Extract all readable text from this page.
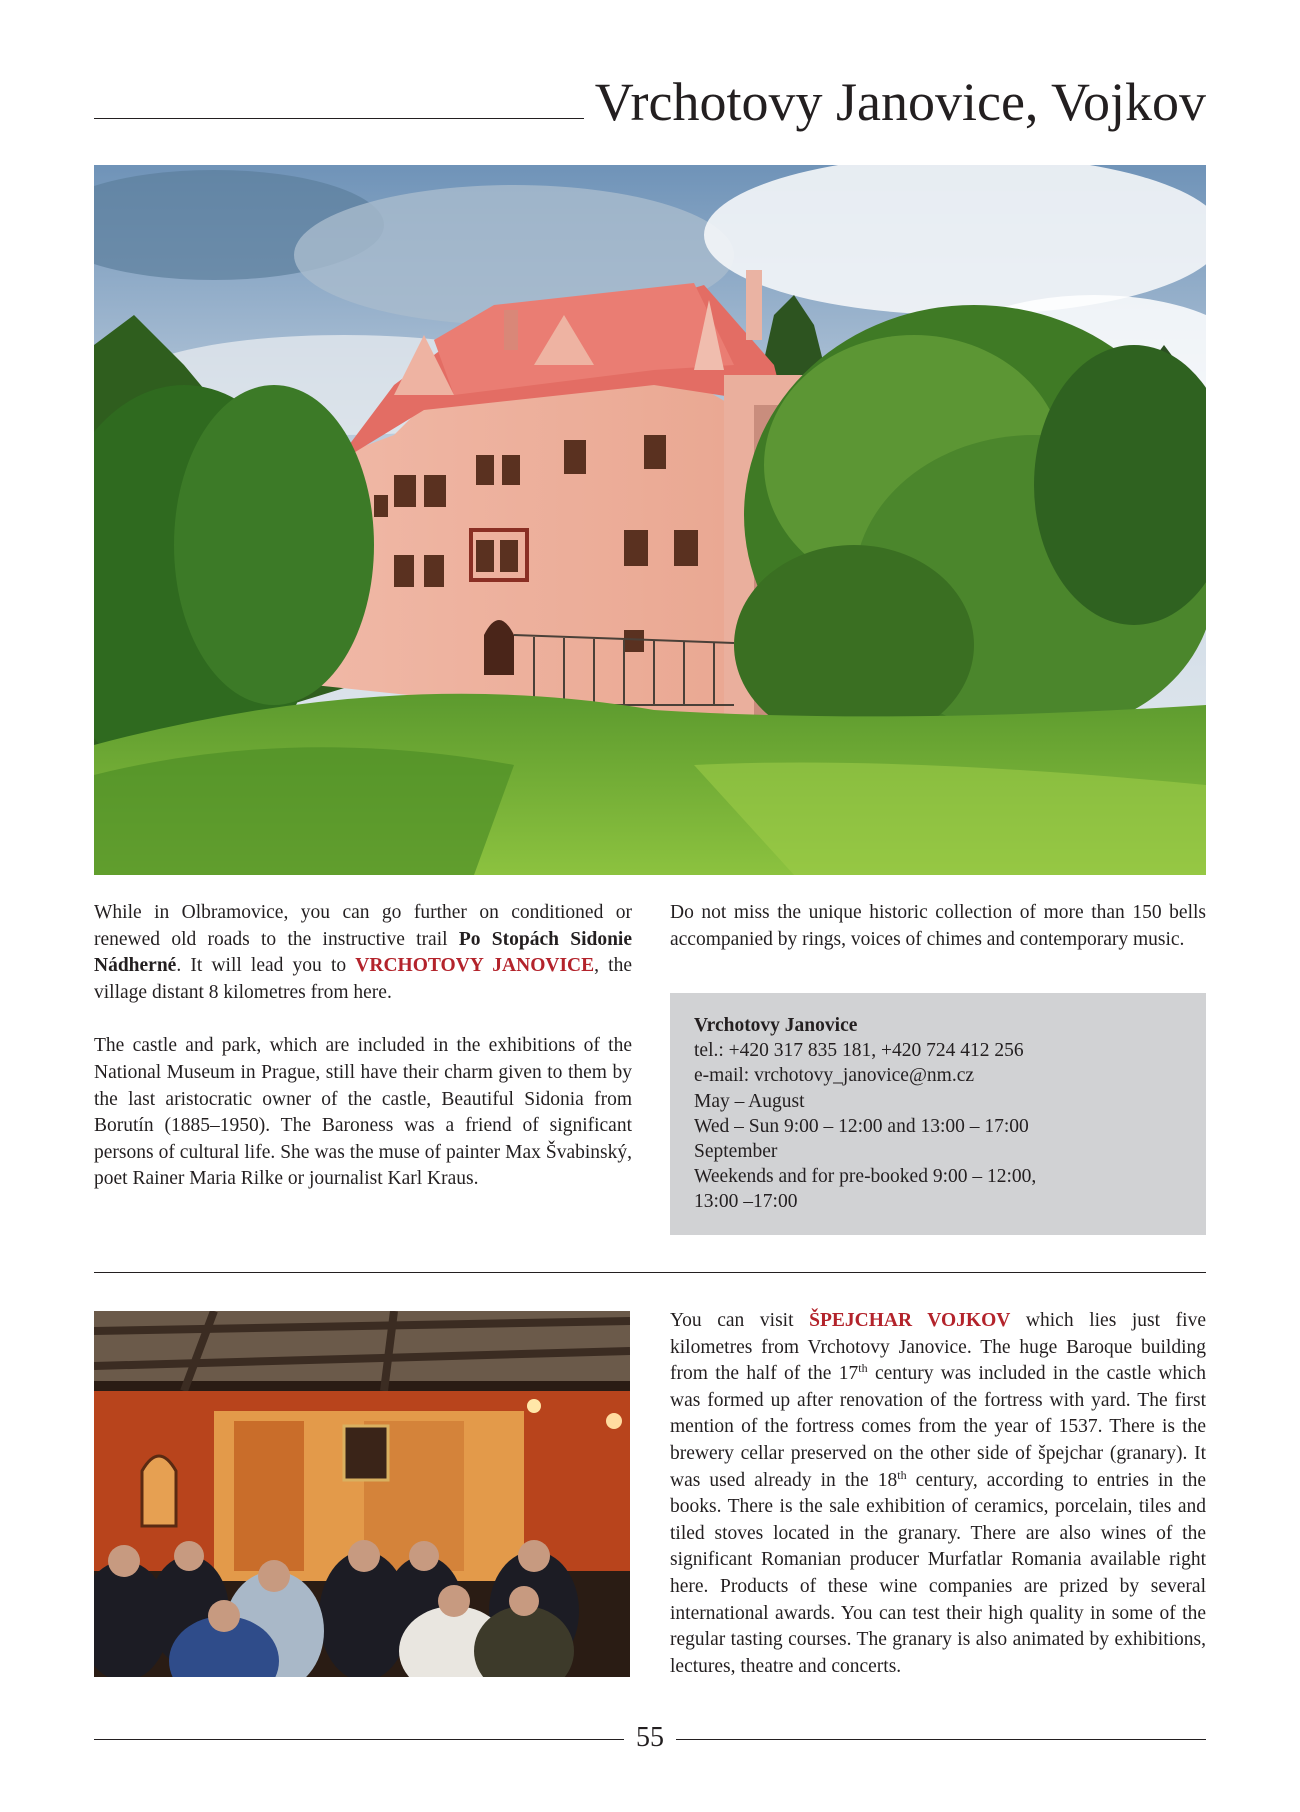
Vrchotovy Janovice, Vojkov

While in Olbramovice, you can go further on conditioned or renewed old roads to the instructive trail Po Stopách Sidonie Nádherné. It will lead you to VRCHOTOVY JANOVICE, the village distant 8 kilometres from here.

The castle and park, which are included in the exhibitions of the National Museum in Prague, still have their charm given to them by the last aristocratic owner of the castle, Beautiful Sidonia from Borutín (1885–1950). The Baroness was a friend of significant persons of cultural life. She was the muse of painter Max Švabinský, poet Rainer Maria Rilke or journalist Karl Kraus.

Do not miss the unique historic collection of more than 150 bells accompanied by rings, voices of chimes and contemporary music.

Vrchotovy Janovice
tel.: +420 317 835 181, +420 724 412 256
e-mail: vrchotovy_janovice@nm.cz
May – August
Wed – Sun 9:00 – 12:00 and 13:00 – 17:00
September
Weekends and for pre-booked 9:00 – 12:00,
13:00 –17:00

You can visit ŠPEJCHAR VOJKOV which lies just five kilometres from Vrchotovy Janovice. The huge Baroque building from the half of the 17th century was included in the castle which was formed up after renovation of the fortress with yard. The first mention of the fortress comes from the year of 1537. There is the brewery cellar preserved on the other side of špejchar (granary). It was used already in the 18th century, according to entries in the books. There is the sale exhibition of ceramics, porcelain, tiles and tiled stoves located in the granary. There are also wines of the significant Romanian producer Murfatlar Romania available right here. Products of these wine companies are prized by several international awards. You can test their high quality in some of the regular tasting courses. The granary is also animated by exhibitions, lectures, theatre and concerts.

55
